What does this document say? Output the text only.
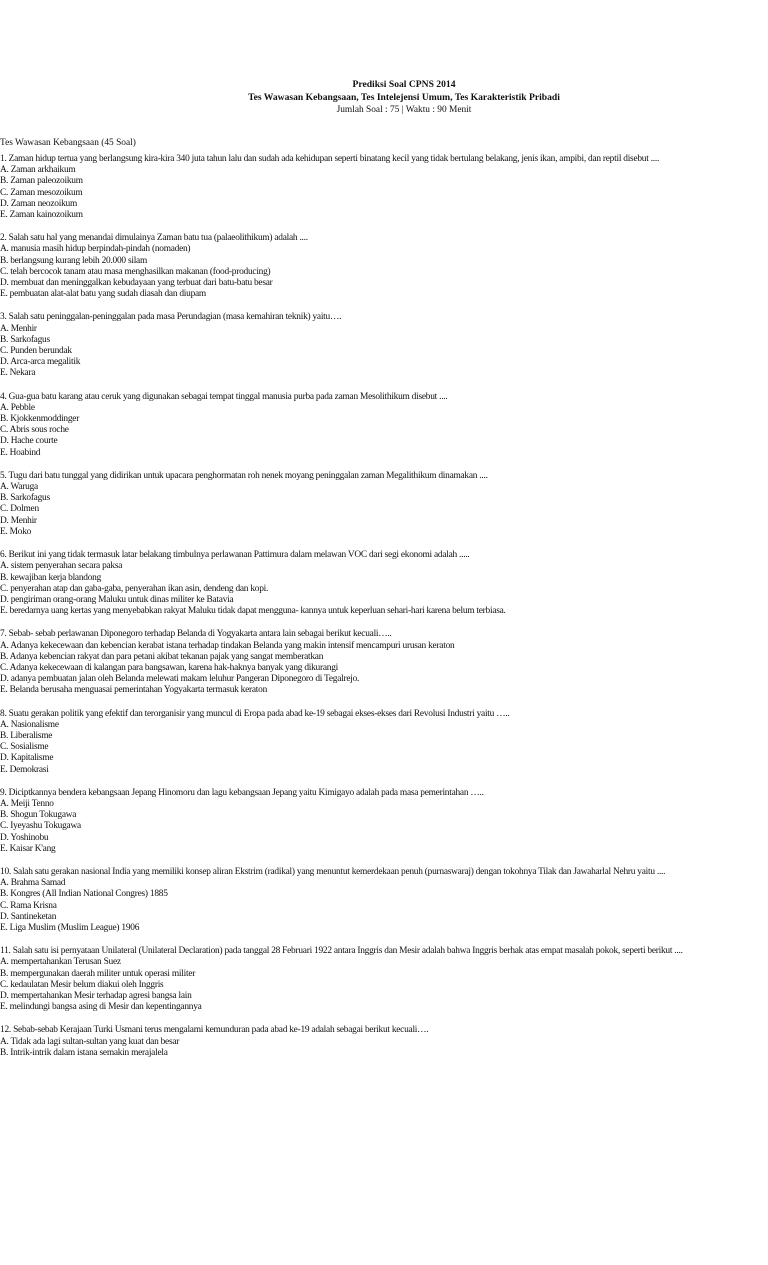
Prediksi Soal CPNS 2014
Tes Wawasan Kebangsaan, Tes Intelejensi Umum, Tes Karakteristik Pribadi
Jumlah Soal : 75 | Waktu : 90 Menit
Tes Wawasan Kebangsaan (45 Soal)
1. Zaman hidup tertua yang berlangsung kira-kira 340 juta tahun lalu dan sudah ada kehidupan seperti binatang kecil yang tidak bertulang belakang, jenis ikan, ampibi, dan reptil disebut ....
A. Zaman arkhaikum
B. Zaman paleozoikum
C. Zaman mesozoikum
D. Zaman neozoikum
E. Zaman kainozoikum
2. Salah satu hal yang menandai dimulainya Zaman batu tua (palaeolithikum) adalah ....
A. manusia masih hidup berpindah-pindah (nomaden)
B. berlangsung kurang lebih 20.000 silam
C. telah bercocok tanam atau masa menghasilkan makanan (food-producing)
D. membuat dan meninggalkan kebudayaan yang terbuat dari batu-batu besar
E. pembuatan alat-alat batu yang sudah diasah dan diupam
3. Salah satu peninggalan-peninggalan pada masa Perundagian (masa kemahiran teknik) yaitu….
A. Menhir
B. Sarkofagus
C. Punden berundak
D. Arca-arca megalitik
E. Nekara
4. Gua-gua batu karang atau ceruk yang digunakan sebagai tempat tinggal manusia purba pada zaman Mesolithikum disebut ....
A. Pebble
B. Kjokkenmoddinger
C. Abris sous roche
D. Hache courte
E. Hoabind
5. Tugu dari batu tunggal yang didirikan untuk upacara penghormatan roh nenek moyang peninggalan zaman Megalithikum dinamakan ....
A. Waruga
B. Sarkofagus
C. Dolmen
D. Menhir
E. Moko
6. Berikut ini yang tidak termasuk latar belakang timbulnya perlawanan Pattimura dalam melawan VOC dari segi ekonomi adalah .....
A. sistem penyerahan secara paksa
B. kewajiban kerja blandong
C. penyerahan atap dan gaba-gaba, penyerahan ikan asin, dendeng dan kopi.
D. pengiriman orang-orang Maluku untuk dinas militer ke Batavia
E. beredarnya uang kertas yang menyebabkan rakyat Maluku tidak dapat mengguna- kannya untuk keperluan sehari-hari karena belum terbiasa.
7. Sebab- sebab perlawanan Diponegoro terhadap Belanda di Yogyakarta antara lain sebagai berikut kecuali…..
A. Adanya kekecewaan dan kebencian kerabat istana terhadap tindakan Belanda yang makin intensif mencampuri urusan keraton
B. Adanya kebencian rakyat dan para petani akibat tekanan pajak yang sangat memberatkan
C. Adanya kekecewaan di kalangan para bangsawan, karena hak-haknya banyak yang dikurangi
D. adanya pembuatan jalan oleh Belanda melewati makam leluhur Pangeran Diponegoro di Tegalrejo.
E. Belanda berusaha menguasai pemerintahan Yogyakarta termasuk keraton
8. Suatu gerakan politik yang efektif dan terorganisir yang muncul di Eropa pada abad ke-19 sebagai ekses-ekses dari Revolusi Industri yaitu …..
A. Nasionalisme
B. Liberalisme
C. Sosialisme
D. Kapitalisme
E. Demokrasi
9. Diciptkannya bendera kebangsaan Jepang Hinomoru dan lagu kebangsaan Jepang yaitu Kimigayo adalah pada masa pemerintahan …..
A. Meiji Tenno
B. Shogun Tokugawa
C. Iyeyashu Tokugawa
D. Yoshinobu
E. Kaisar K'ang
10. Salah satu gerakan nasional India yang memiliki konsep aliran Ekstrim (radikal) yang menuntut kemerdekaan penuh (purnaswaraj) dengan tokohnya Tilak dan Jawaharlal Nehru yaitu ....
A. Brahma Samad
B. Kongres (All Indian National Congres) 1885
C. Rama Krisna
D. Santineketan
E. Liga Muslim (Muslim League) 1906
11. Salah satu isi pernyataan Unilateral (Unilateral Declaration) pada tanggal 28 Februari 1922 antara Inggris dan Mesir adalah bahwa Inggris berhak atas empat masalah pokok, seperti berikut ....
A. mempertahankan Terusan Suez
B. mempergunakan daerah militer untuk operasi militer
C. kedaulatan Mesir belum diakui oleh Inggris
D. mempertahankan Mesir terhadap agresi bangsa lain
E. melindungi bangsa asing di Mesir dan kepentingannya
12. Sebab-sebab Kerajaan Turki Usmani terus mengalami kemunduran pada abad ke-19 adalah sebagai berikut kecuali….
A. Tidak ada lagi sultan-sultan yang kuat dan besar
B. Intrik-intrik dalam istana semakin merajalela
